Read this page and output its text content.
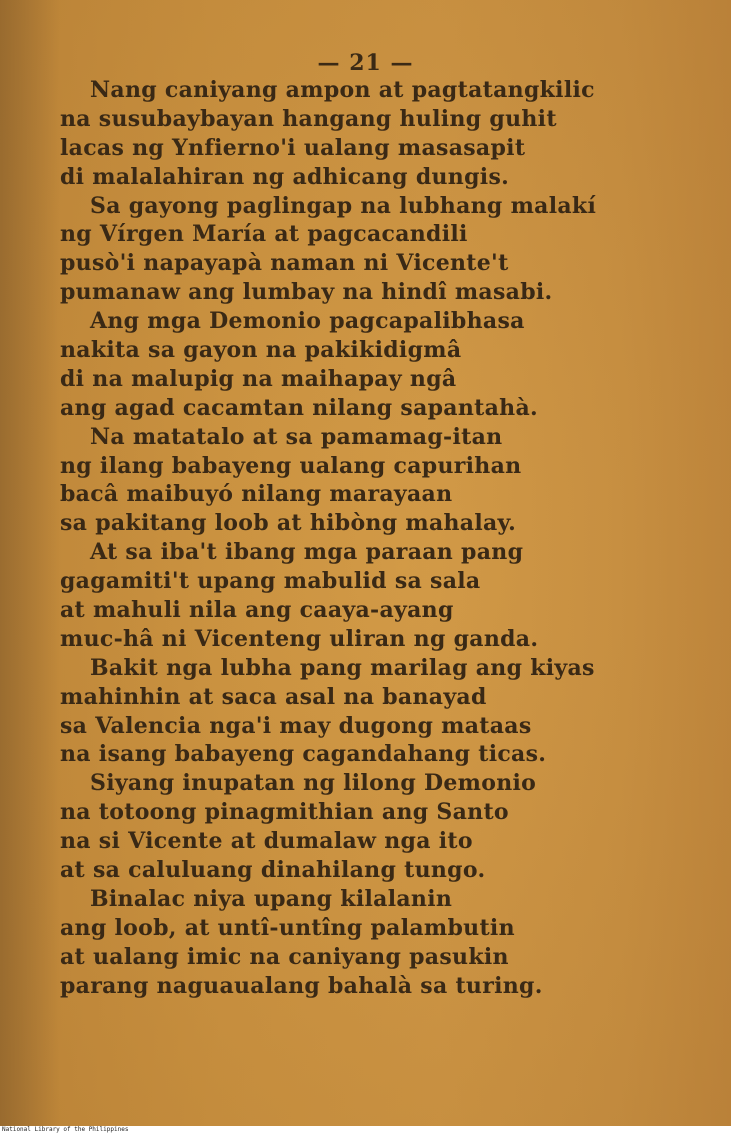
— 21 —
Nang caniyang ampon at pagtatangkilic
na susubaybayan hangang huling guhit
lacas ng Ynfierno'i ualang masasapit
di malalahiran ng adhicang dungis.
Sa gayong paglingap na lubhang malakí
ng Vírgen María at pagcacandili
pusò'i napayapà naman ni Vicente't
pumanaw ang lumbay na hindî masabi.
Ang mga Demonio pagcapalibhasa
nakita sa gayon na pakikidigmâ
di na malupig na maihapay ngâ
ang agad cacamtan nilang sapantahà.
Na matatalo at sa pamamag-itan
ng ilang babayeng ualang capurihan
bacâ maibuyó nilang marayaan
sa pakitang loob at hibòng mahalay.
At sa iba't ibang mga paraan pang
gagamiti't upang mabulid sa sala
at mahuli nila ang caaya-ayang
muc-hâ ni Vicenteng uliran ng ganda.
Bakit nga lubha pang marilag ang kiyas
mahinhin at saca asal na banayad
sa Valencia nga'i may dugong mataas
na isang babayeng cagandahang ticas.
Siyang inupatan ng lilong Demonio
na totoong pinagmithian ang Santo
na si Vicente at dumalaw nga ito
at sa caluluang dinahilang tungo.
Binalac niya upang kilalanin
ang loob, at untî-untîng palambutin
at ualang imic na caniyang pasukin
parang naguaualang bahalà sa turing.
National Library of the Philippines
